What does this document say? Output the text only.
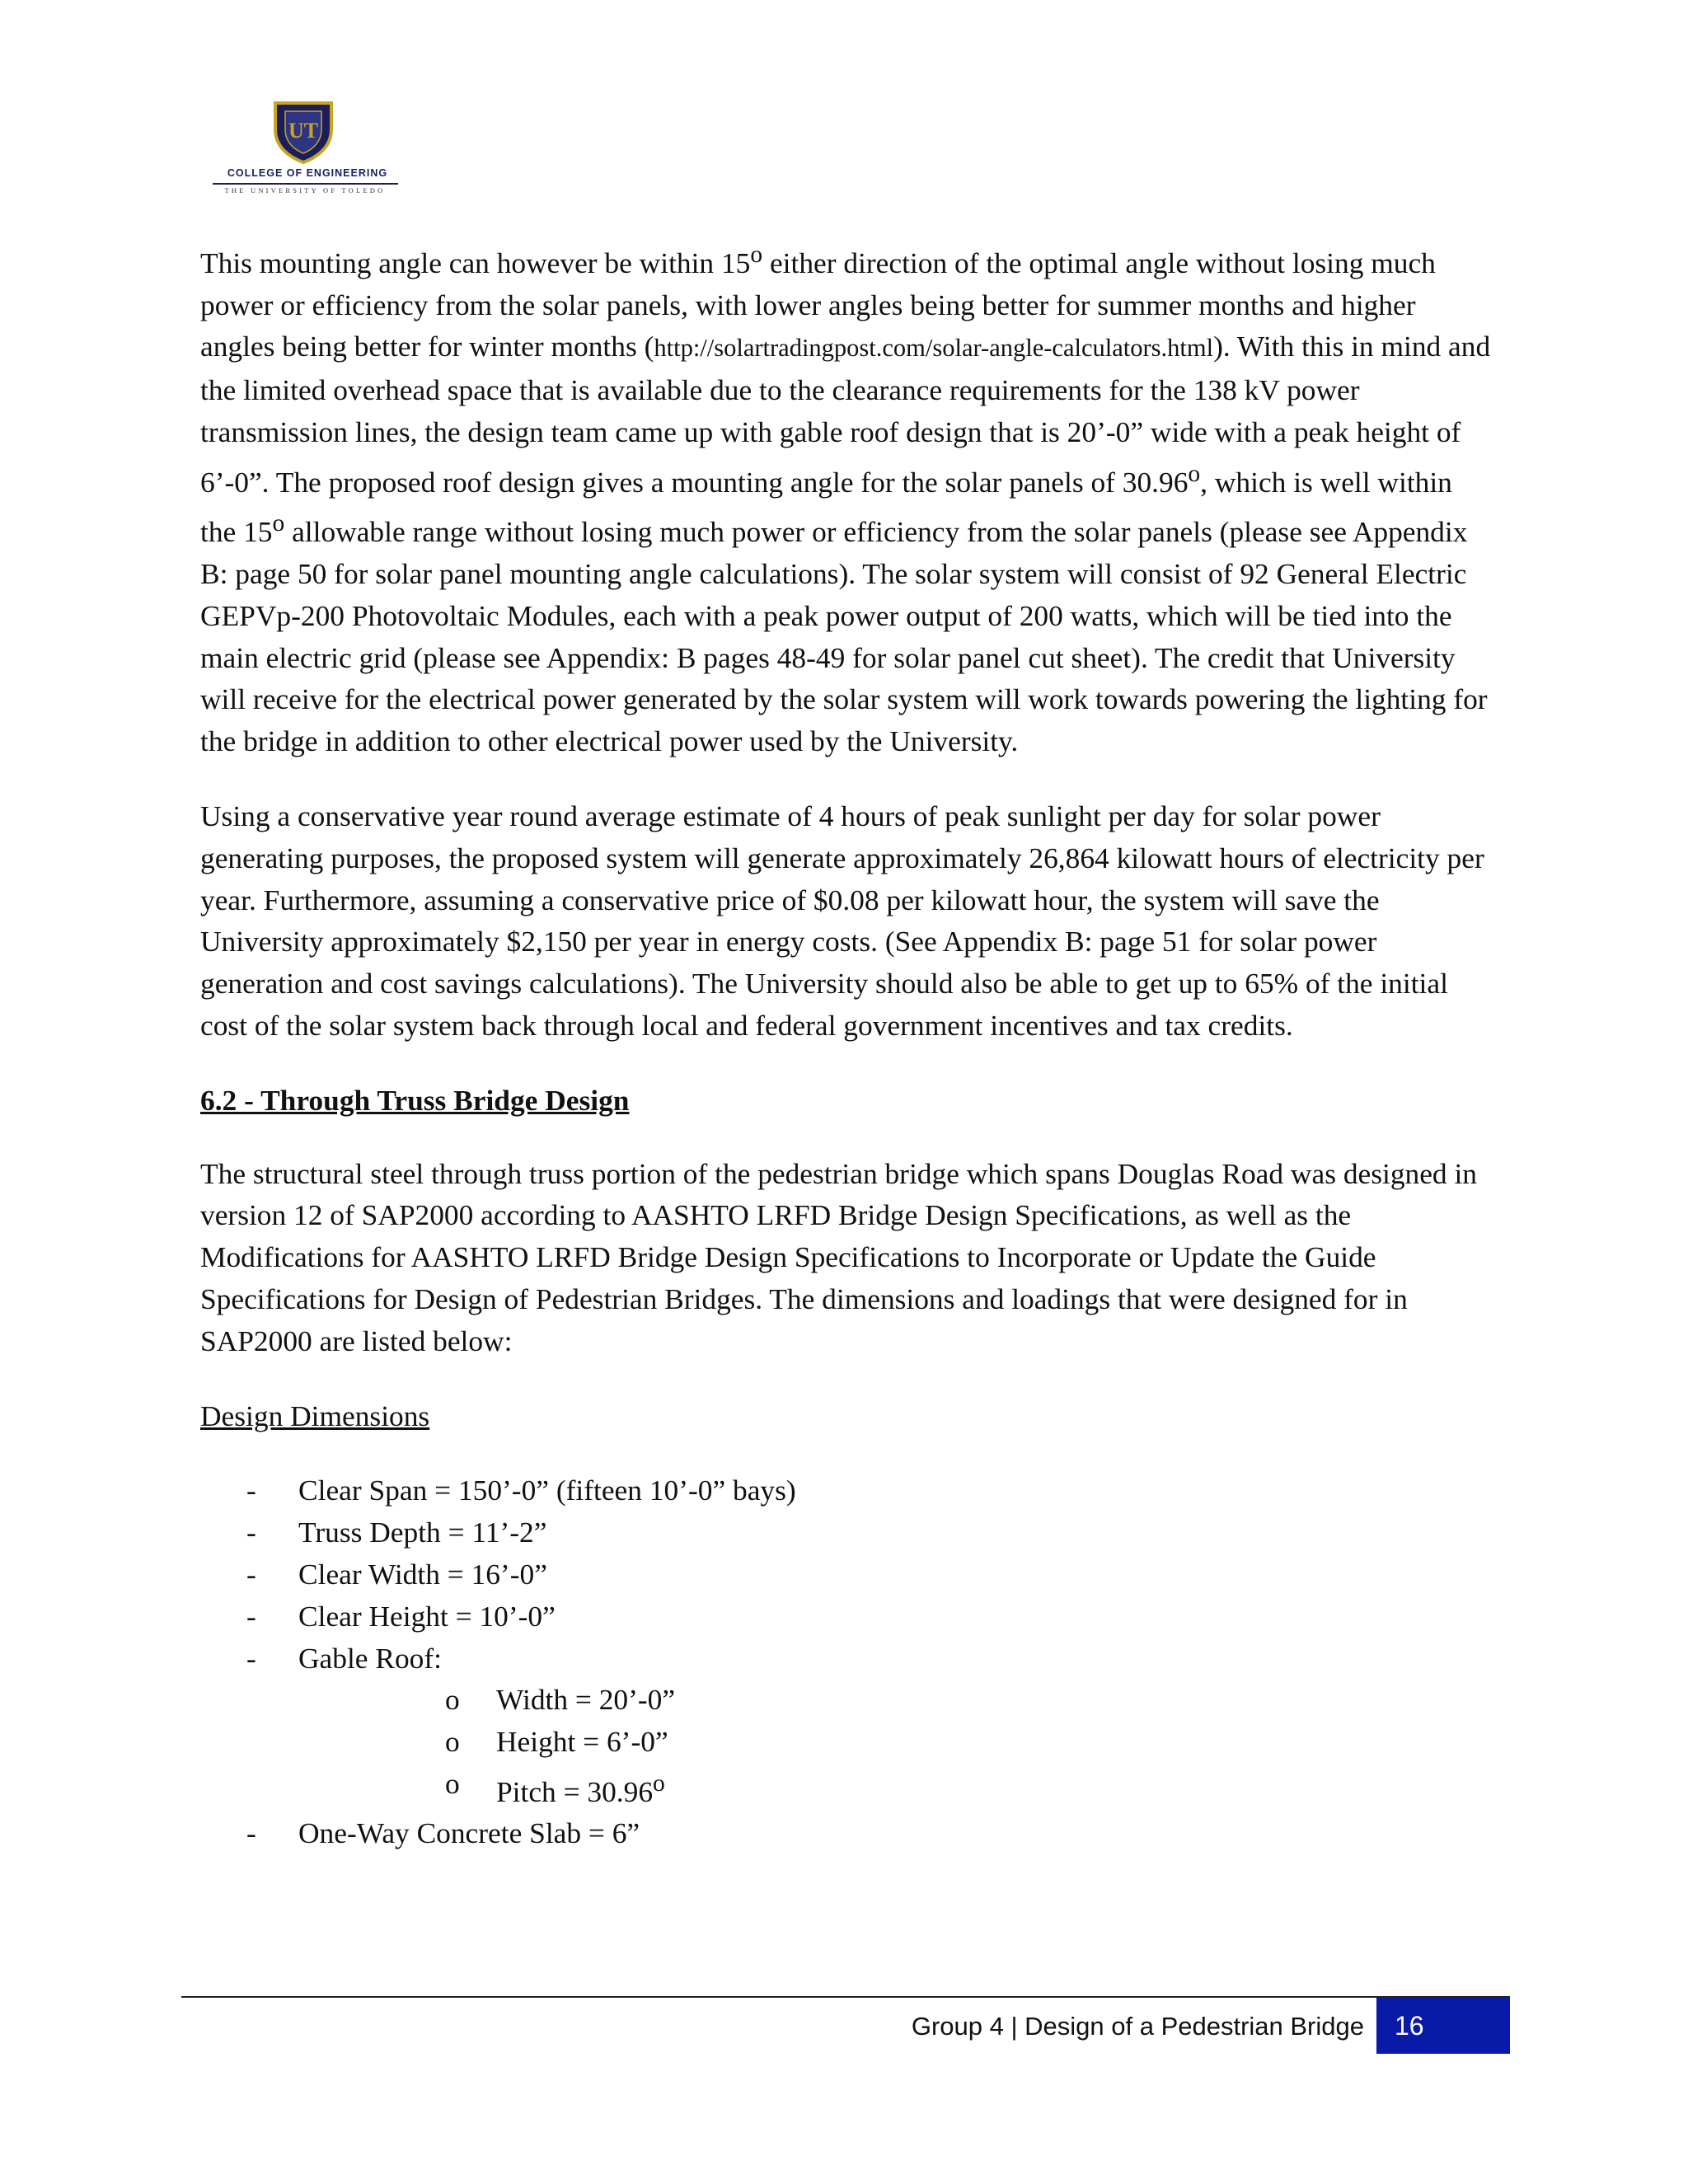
UT
COLLEGE OF ENGINEERING
THE UNIVERSITY OF TOLEDO

This mounting angle can however be within 15$^o$ either direction of the optimal angle without losing much power or efficiency from the solar panels, with lower angles being better for summer months and higher angles being better for winter months (http://solartradingpost.com/solar-angle-calculators.html). With this in mind and the limited overhead space that is available due to the clearance requirements for the 138 kV power transmission lines, the design team came up with gable roof design that is 20’-0” wide with a peak height of 6’-0”. The proposed roof design gives a mounting angle for the solar panels of 30.96$^o$, which is well within the 15$^o$ allowable range without losing much power or efficiency from the solar panels (please see Appendix B: page 50 for solar panel mounting angle calculations). The solar system will consist of 92 General Electric GEPVp-200 Photovoltaic Modules, each with a peak power output of 200 watts, which will be tied into the main electric grid (please see Appendix: B pages 48-49 for solar panel cut sheet). The credit that University will receive for the electrical power generated by the solar system will work towards powering the lighting for the bridge in addition to other electrical power used by the University.

Using a conservative year round average estimate of 4 hours of peak sunlight per day for solar power generating purposes, the proposed system will generate approximately 26,864 kilowatt hours of electricity per year. Furthermore, assuming a conservative price of $0.08 per kilowatt hour, the system will save the University approximately $2,150 per year in energy costs. (See Appendix B: page 51 for solar power generation and cost savings calculations). The University should also be able to get up to 65% of the initial cost of the solar system back through local and federal government incentives and tax credits.

6.2 - Through Truss Bridge Design

The structural steel through truss portion of the pedestrian bridge which spans Douglas Road was designed in version 12 of SAP2000 according to AASHTO LRFD Bridge Design Specifications, as well as the Modifications for AASHTO LRFD Bridge Design Specifications to Incorporate or Update the Guide Specifications for Design of Pedestrian Bridges. The dimensions and loadings that were designed for in SAP2000 are listed below:

Design Dimensions

- Clear Span = 150’-0” (fifteen 10’-0” bays)
- Truss Depth = 11’-2”
- Clear Width = 16’-0”
- Clear Height = 10’-0”
- Gable Roof:
o Width = 20’-0”
o Height = 6’-0”
o Pitch = $30.96^o$
- One-Way Concrete Slab = 6”
Group 4 | Design of a Pedestrian Bridge	16
